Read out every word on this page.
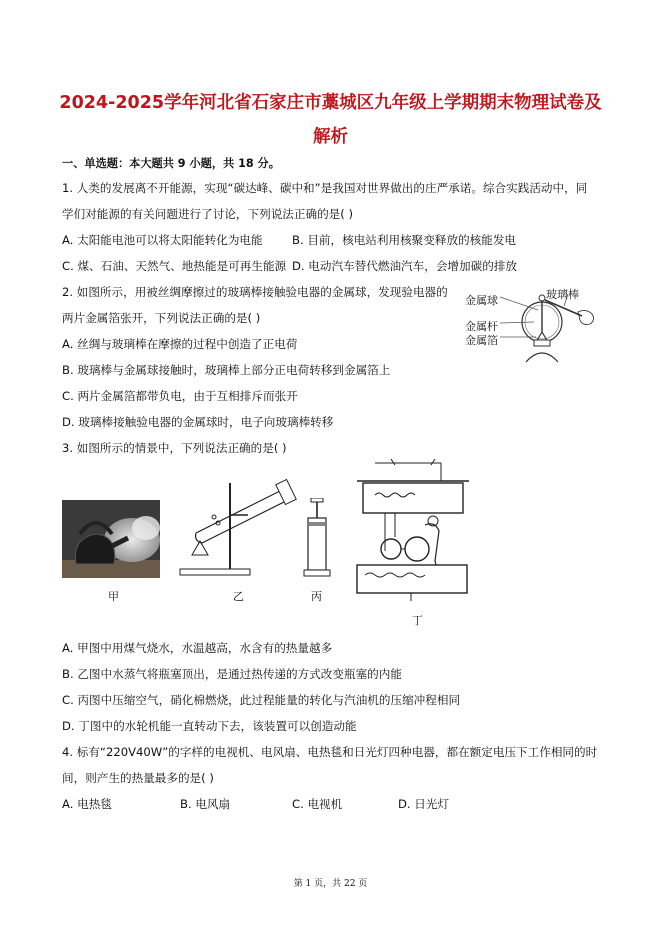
2024-2025学年河北省石家庄市藁城区九年级上学期期末物理试卷及
解析
一、单选题：本大题共 9 小题，共 18 分。
1. 人类的发展离不开能源，实现“碳达峰、碳中和”是我国对世界做出的庄严承诺。综合实践活动中，同
学们对能源的有关问题进行了讨论，下列说法正确的是( )
A. 太阳能电池可以将太阳能转化为电能	B. 目前，核电站利用核聚变释放的核能发电
C. 煤、石油、天然气、地热能是可再生能源 D. 电动汽车替代燃油汽车，会增加碳的排放
2. 如图所示，用被丝绸摩擦过的玻璃棒接触验电器的金属球，发现验电器的
两片金属箔张开，下列说法正确的是( )
A. 丝绸与玻璃棒在摩擦的过程中创造了正电荷
B. 玻璃棒与金属球接触时，玻璃棒上部分正电荷转移到金属箔上
C. 两片金属箔都带负电，由于互相排斥而张开
D. 玻璃棒接触验电器的金属球时，电子向玻璃棒转移
玻璃棒
金属球
金属杆
金属箔
3. 如图所示的情景中，下列说法正确的是( )
甲	乙	丙
丁
A. 甲图中用煤气烧水，水温越高，水含有的热量越多
B. 乙图中水蒸气将瓶塞顶出，是通过热传递的方式改变瓶塞的内能
C. 丙图中压缩空气，硝化棉燃烧，此过程能量的转化与汽油机的压缩冲程相同
D. 丁图中的水轮机能一直转动下去，该装置可以创造动能
4. 标有“220V40W”的字样的电视机、电风扇、电热毯和日光灯四种电器，都在额定电压下工作相同的时
间，则产生的热量最多的是( )
A. 电热毯	B. 电风扇	C. 电视机	D. 日光灯
第 1 页，共 22 页
